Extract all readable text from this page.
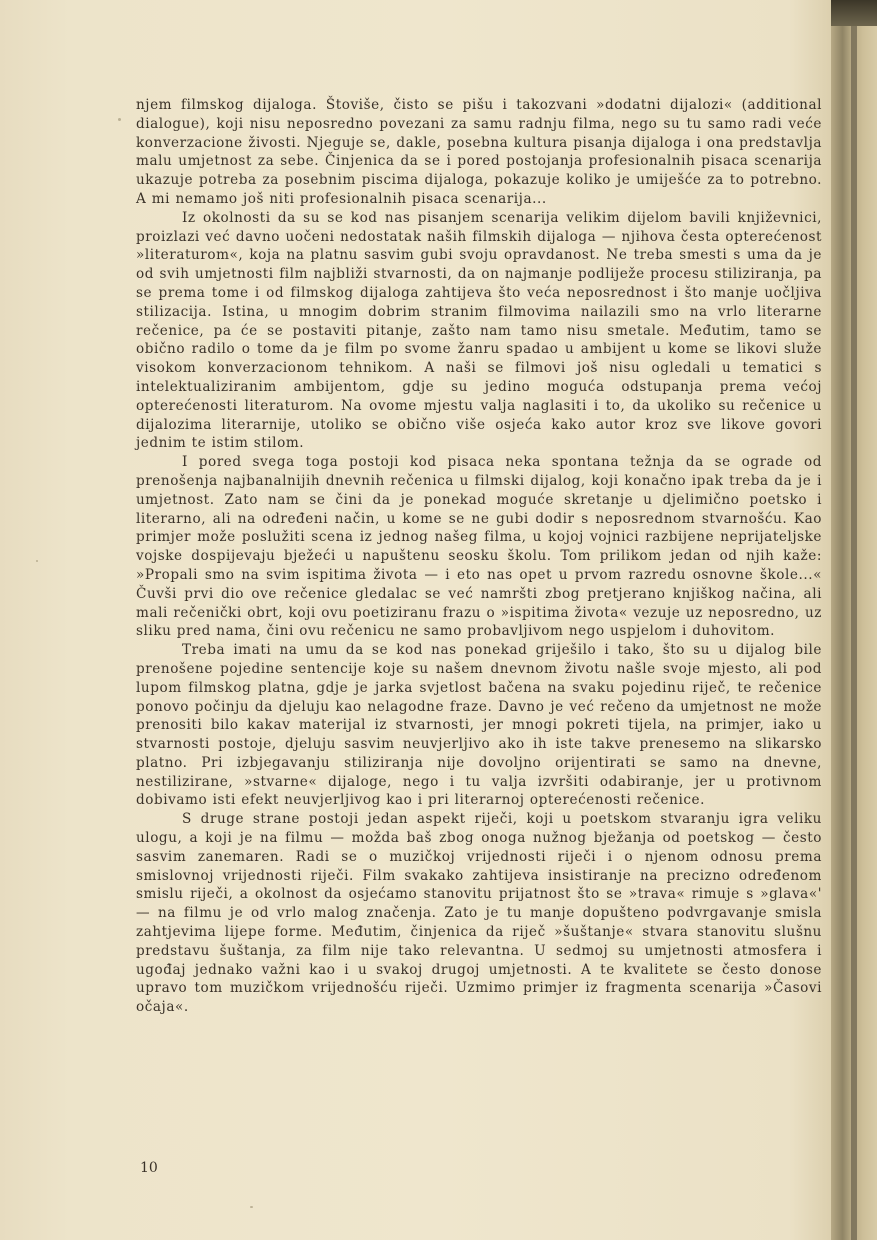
njem filmskog dijaloga. Štoviše, čisto se pišu i takozvani »dodatni dijalozi« (additional dialogue), koji nisu neposredno povezani za samu radnju filma, nego su tu samo radi veće konverzacione živosti. Njeguje se, dakle, posebna kultura pisanja dijaloga i ona predstavlja malu umjetnost za sebe. Činjenica da se i pored postojanja profesionalnih pisaca scenarija ukazuje potreba za posebnim piscima dijaloga, pokazuje koliko je umiješće za to potrebno. A mi nemamo još niti profesionalnih pisaca scenarija...

Iz okolnosti da su se kod nas pisanjem scenarija velikim dijelom bavili književnici, proizlazi već davno uočeni nedostatak naših filmskih dijaloga — njihova česta opterećenost »literaturom«, koja na platnu sasvim gubi svoju opravdanost. Ne treba smesti s uma da je od svih umjetnosti film najbliži stvarnosti, da on najmanje podliježe procesu stiliziranja, pa se prema tome i od filmskog dijaloga zahtijeva što veća neposrednost i što manje uočljiva stilizacija. Istina, u mnogim dobrim stranim filmovima nailazili smo na vrlo literarne rečenice, pa će se postaviti pitanje, zašto nam tamo nisu smetale. Međutim, tamo se obično radilo o tome da je film po svome žanru spadao u ambijent u kome se likovi služe visokom konverzacionom tehnikom. A naši se filmovi još nisu ogledali u tematici s intelektualiziranim ambijentom, gdje su jedino moguća odstupanja prema većoj opterećenosti literaturom. Na ovome mjestu valja naglasiti i to, da ukoliko su rečenice u dijalozima literarnije, utoliko se obično više osjeća kako autor kroz sve likove govori jednim te istim stilom.

I pored svega toga postoji kod pisaca neka spontana težnja da se ograde od prenošenja najbanalnijih dnevnih rečenica u filmski dijalog, koji konačno ipak treba da je i umjetnost. Zato nam se čini da je ponekad moguće skretanje u djelimično poetsko i literarno, ali na određeni način, u kome se ne gubi dodir s neposrednom stvarnošću. Kao primjer može poslužiti scena iz jednog našeg filma, u kojoj vojnici razbijene neprijateljske vojske dospijevaju bježeći u napuštenu seosku školu. Tom prilikom jedan od njih kaže: »Propali smo na svim ispitima života — i eto nas opet u prvom razredu osnovne škole...« Čuvši prvi dio ove rečenice gledalac se već namršti zbog pretjerano knjiškog načina, ali mali rečenički obrt, koji ovu poetiziranu frazu o »ispitima života« vezuje uz neposredno, uz sliku pred nama, čini ovu rečenicu ne samo probavljivom nego uspjelom i duhovitom.

Treba imati na umu da se kod nas ponekad griješilo i tako, što su u dijalog bile prenošene pojedine sentencije koje su našem dnevnom životu našle svoje mjesto, ali pod lupom filmskog platna, gdje je jarka svjetlost bačena na svaku pojedinu riječ, te rečenice ponovo počinju da djeluju kao nelagodne fraze. Davno je već rečeno da umjetnost ne može prenositi bilo kakav materijal iz stvarnosti, jer mnogi pokreti tijela, na primjer, iako u stvarnosti postoje, djeluju sasvim neuvjerljivo ako ih iste takve prenesemo na slikarsko platno. Pri izbjegavanju stiliziranja nije dovoljno orijentirati se samo na dnevne, nestilizirane, »stvarne« dijaloge, nego i tu valja izvršiti odabiranje, jer u protivnom dobivamo isti efekt neuvjerljivog kao i pri literarnoj opterećenosti rečenice.

S druge strane postoji jedan aspekt riječi, koji u poetskom stvaranju igra veliku ulogu, a koji je na filmu — možda baš zbog onoga nužnog bježanja od poetskog — često sasvim zanemaren. Radi se o muzičkoj vrijednosti riječi i o njenom odnosu prema smislovnoj vrijednosti riječi. Film svakako zahtijeva insistiranje na precizno određenom smislu riječi, a okolnost da osjećamo stanovitu prijatnost što se »trava« rimuje s »glava«' — na filmu je od vrlo malog značenja. Zato je tu manje dopušteno podvrgavanje smisla zahtjevima lijepe forme. Međutim, činjenica da riječ »šuštanje« stvara stanovitu slušnu predstavu šuštanja, za film nije tako relevantna. U sedmoj su umjetnosti atmosfera i ugođaj jednako važni kao i u svakoj drugoj umjetnosti. A te kvalitete se često donose upravo tom muzičkom vrijednošću riječi. Uzmimo primjer iz fragmenta scenarija »Časovi očaja«.

10
